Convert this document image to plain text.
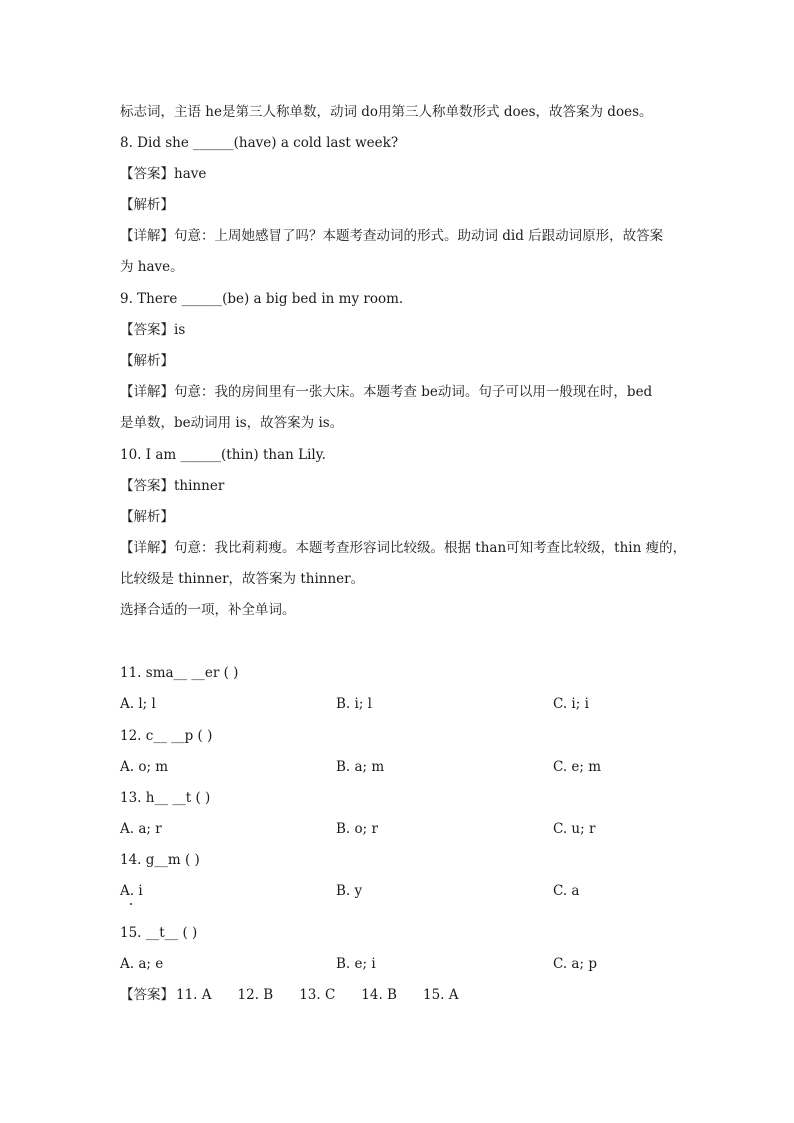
标志词，主语 he是第三人称单数，动词 do用第三人称单数形式 does，故答案为 does。
8. Did she ______(have) a cold last week?
【答案】have
【解析】
【详解】句意：上周她感冒了吗？本题考查动词的形式。助动词 did 后跟动词原形，故答案
为 have。
9. There ______(be) a big bed in my room.
【答案】is
【解析】
【详解】句意：我的房间里有一张大床。本题考查 be动词。句子可以用一般现在时，bed
是单数，be动词用 is，故答案为 is。
10. I am ______(thin) than Lily.
【答案】thinner
【解析】
【详解】句意：我比莉莉瘦。本题考查形容词比较级。根据 than可知考查比较级，thin 瘦的，
比较级是 thinner，故答案为 thinner。
选择合适的一项，补全单词。
11. sma__ __er ( )
A. l; l	B. i; l	C. i; i
12. c__ __p ( )
A. o; m	B. a; m	C. e; m
13. h__ __t ( )
A. a; r	B. o; r	C. u; r
14. g__m ( )
A. i	B. y	C. a
15. __t__ ( )
A. a; e	B. e; i	C. a; p
【答案】 11. A 12. B 13. C 14. B 15. A
